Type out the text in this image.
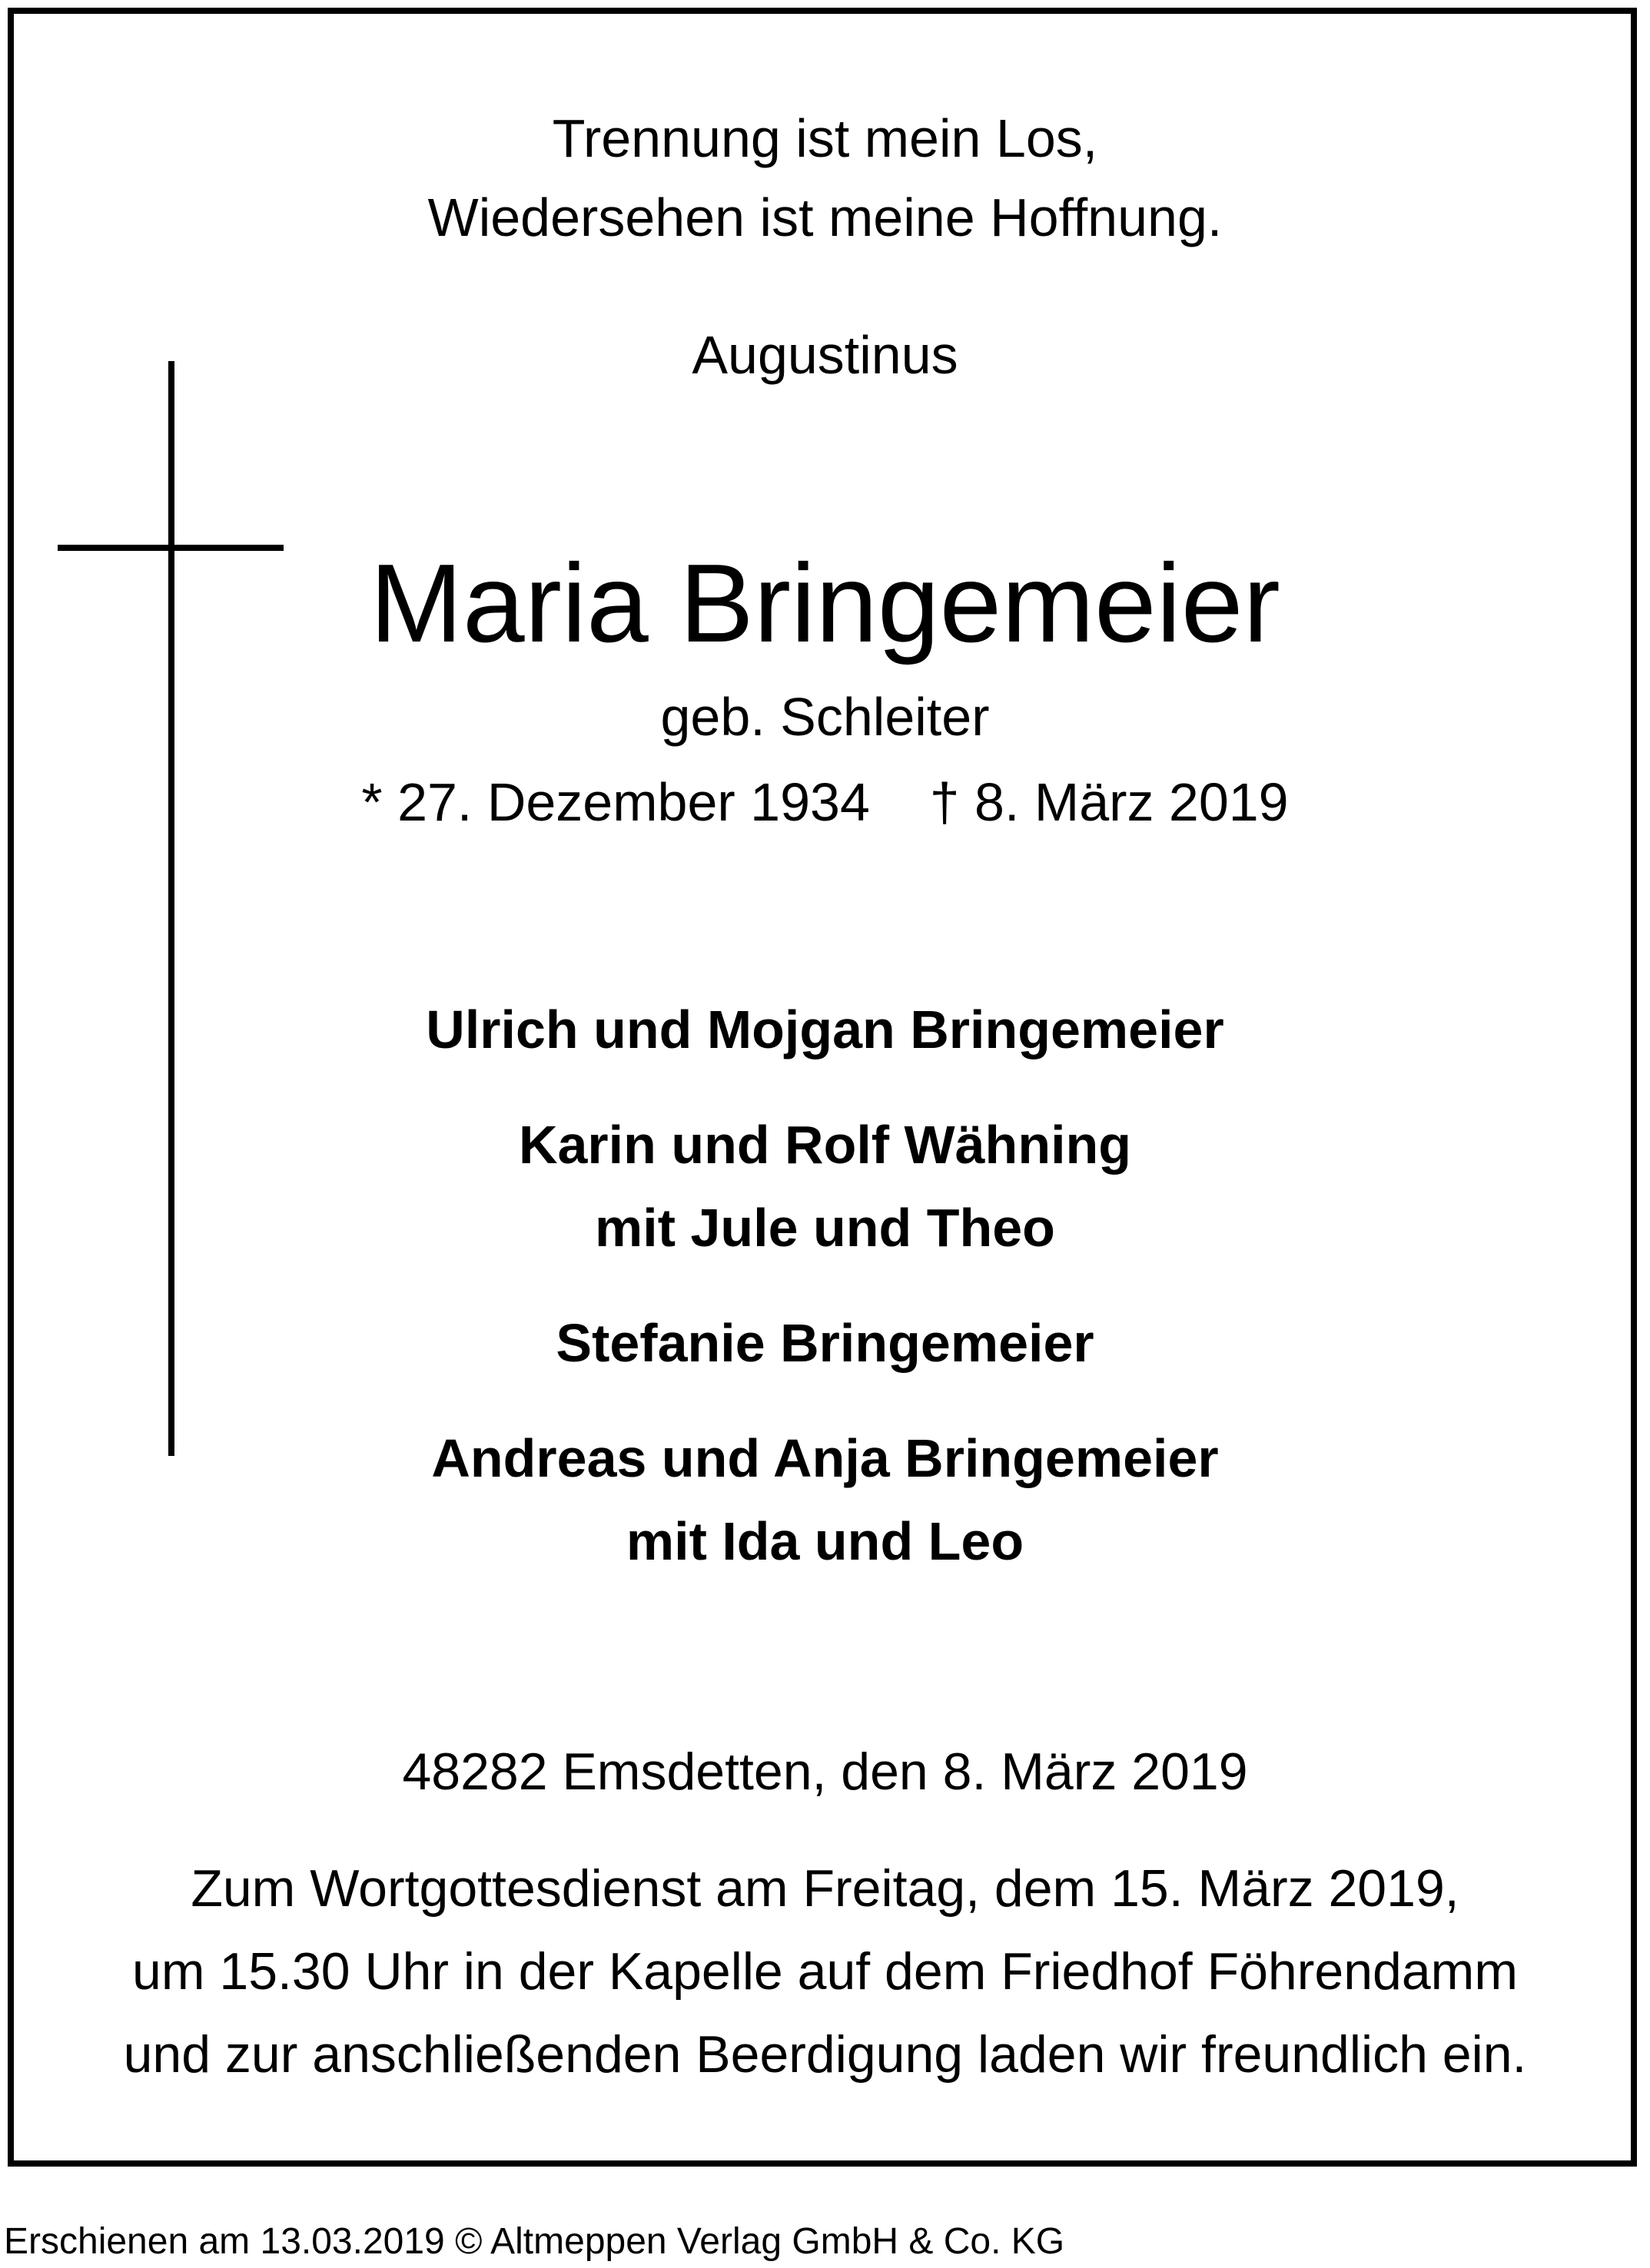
Trennung ist mein Los,
Wiedersehen ist meine Hoffnung.
Augustinus
Maria Bringemeier
geb. Schleiter
* 27. Dezember 1934    † 8. März 2019
Ulrich und Mojgan Bringemeier
Karin und Rolf Wähning
mit Jule und Theo
Stefanie Bringemeier
Andreas und Anja Bringemeier
mit Ida und Leo
48282 Emsdetten, den 8. März 2019
Zum Wortgottesdienst am Freitag, dem 15. März 2019,
um 15.30 Uhr in der Kapelle auf dem Friedhof Föhrendamm
und zur anschließenden Beerdigung laden wir freundlich ein.
Erschienen am 13.03.2019 © Altmeppen Verlag GmbH & Co. KG
